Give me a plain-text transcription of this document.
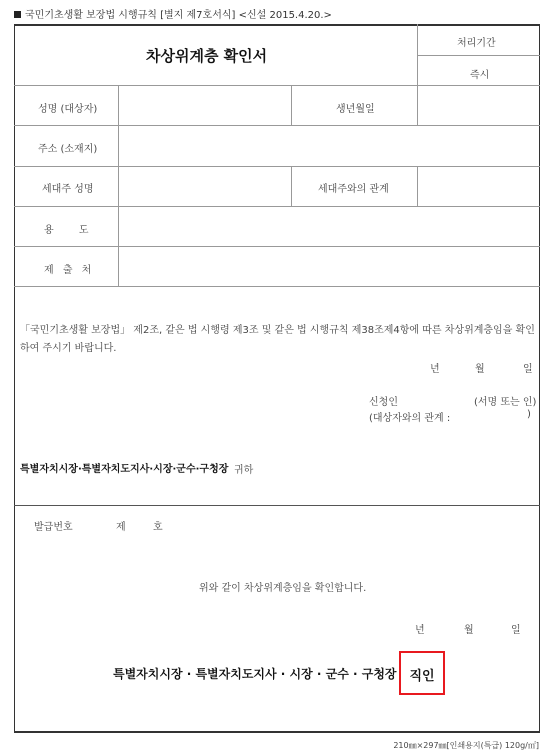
국민기초생활 보장법 시행규칙 [별지 제7호서식] <신설 2015.4.20.>
차상위계층 확인서
처리기간
즉시
성명 (대상자)	생년월일
주소 (소재지)
세대주 성명	세대주와의 관계
용 도
제 출 처
「국민기초생활 보장법」 제2조, 같은 법 시행령 제3조 및 같은 법 시행규칙 제38조제4항에 따른 차상위계층임을 확인하여 주시기 바랍니다.
년	월	일
신청인	(서명 또는 인)
(대상자와의 관계 :	)
특별자치시장·특별자치도지사·시장·군수·구청장 귀하
발급번호	제	호
위와 같이 차상위계층임을 확인합니다.
년	월	일
특별자치시장 · 특별자치도지사 · 시장 · 군수 · 구청장 직인
210㎜×297㎜[인쇄용지(특급) 120g/㎡]
